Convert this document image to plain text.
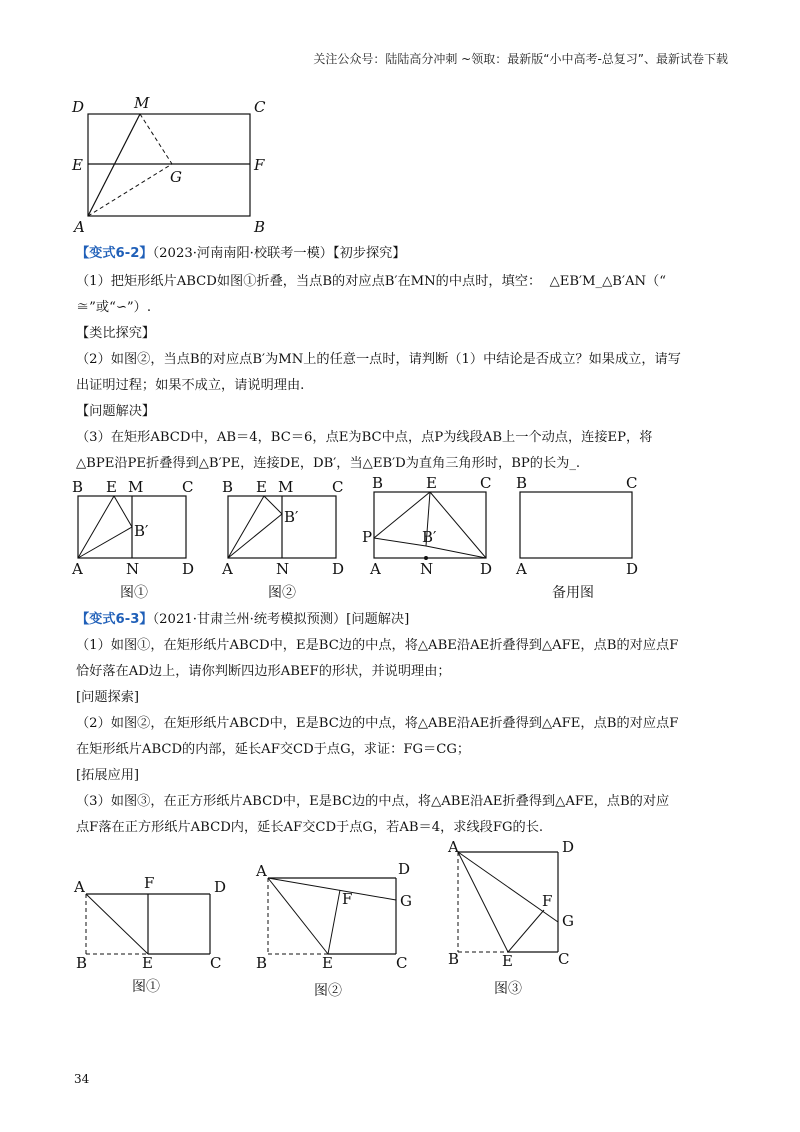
关注公众号：陆陆高分冲刺 ~领取：最新版“小中高考-总复习”、最新试卷下载
D	M	C
E	F
G
A	B
【变式6-2】（2023·河南南阳·校联考一模）【初步探究】
（1）把矩形纸片ABCD如图①折叠，当点B的对应点B′在MN的中点时，填空： △EB′M_△B′AN（“
≅”或“∽”）.
【类比探究】
（2）如图②，当点B的对应点B′为MN上的任意一点时，请判断（1）中结论是否成立？如果成立，请写
出证明过程；如果不成立，请说明理由.
【问题解决】
（3）在矩形ABCD中，AB＝4，BC＝6，点E为BC中点，点P为线段AB上一个动点，连接EP，将
△BPE沿PE折叠得到△B′PE，连接DE，DB′，当△EB′D为直角三角形时，BP的长为_.
B E M	C
B′
A	N	D
图①
B E M	C
B′
A	N	D
图②
B	E	C
P	B′
A	N	D
B	C
A	D
备用图
【变式6-3】（2021·甘肃兰州·统考模拟预测）[问题解决]
（1）如图①，在矩形纸片ABCD中，E是BC边的中点，将△ABE沿AE折叠得到△AFE，点B的对应点F
恰好落在AD边上，请你判断四边形ABEF的形状，并说明理由；
[问题探索]
（2）如图②，在矩形纸片ABCD中，E是BC边的中点，将△ABE沿AE折叠得到△AFE，点B的对应点F
在矩形纸片ABCD的内部，延长AF交CD于点G，求证：FG＝CG；
[拓展应用]
（3）如图③，在正方形纸片ABCD中，E是BC边的中点，将△ABE沿AE折叠得到△AFE，点B的对应
点F落在正方形纸片ABCD内，延长AF交CD于点G，若AB＝4，求线段FG的长.
A	F	D
B	E	C
图①
A	D
F	G
B	E	C
图②
A	D
F
G
B	E	C
图③
34
